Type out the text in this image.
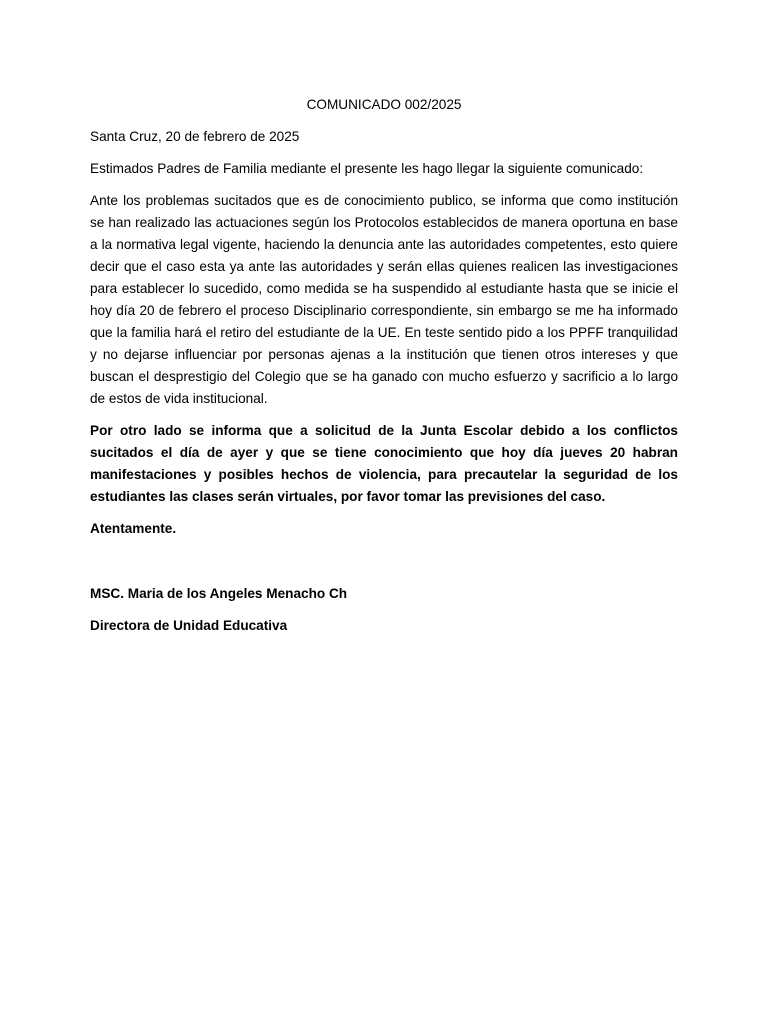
COMUNICADO 002/2025

Santa Cruz, 20 de febrero de 2025

Estimados Padres de Familia mediante el presente les hago llegar la siguiente comunicado:

Ante los problemas sucitados que es de conocimiento publico, se informa que como institución se han realizado las actuaciones según los Protocolos establecidos de manera oportuna en base a la normativa legal vigente, haciendo la denuncia ante las autoridades competentes, esto quiere decir que el caso esta ya ante las autoridades y serán ellas quienes realicen las investigaciones para establecer lo sucedido, como medida se ha suspendido al estudiante hasta que se inicie el hoy día 20 de febrero el proceso Disciplinario correspondiente, sin embargo se me ha informado que la familia hará el retiro del estudiante de la UE. En teste sentido pido a los PPFF tranquilidad y no dejarse influenciar por personas ajenas a la institución que tienen otros intereses y que buscan el desprestigio del Colegio que se ha ganado con mucho esfuerzo y sacrificio a lo largo de estos de vida institucional.

Por otro lado se informa que a solicitud de la Junta Escolar debido a los conflictos sucitados el día de ayer y que se tiene conocimiento que hoy día jueves 20 habran manifestaciones y posibles hechos de violencia, para precautelar la seguridad de los estudiantes las clases serán virtuales, por favor tomar las previsiones del caso.

Atentamente.

MSC. Maria de los Angeles Menacho Ch

Directora de Unidad Educativa
